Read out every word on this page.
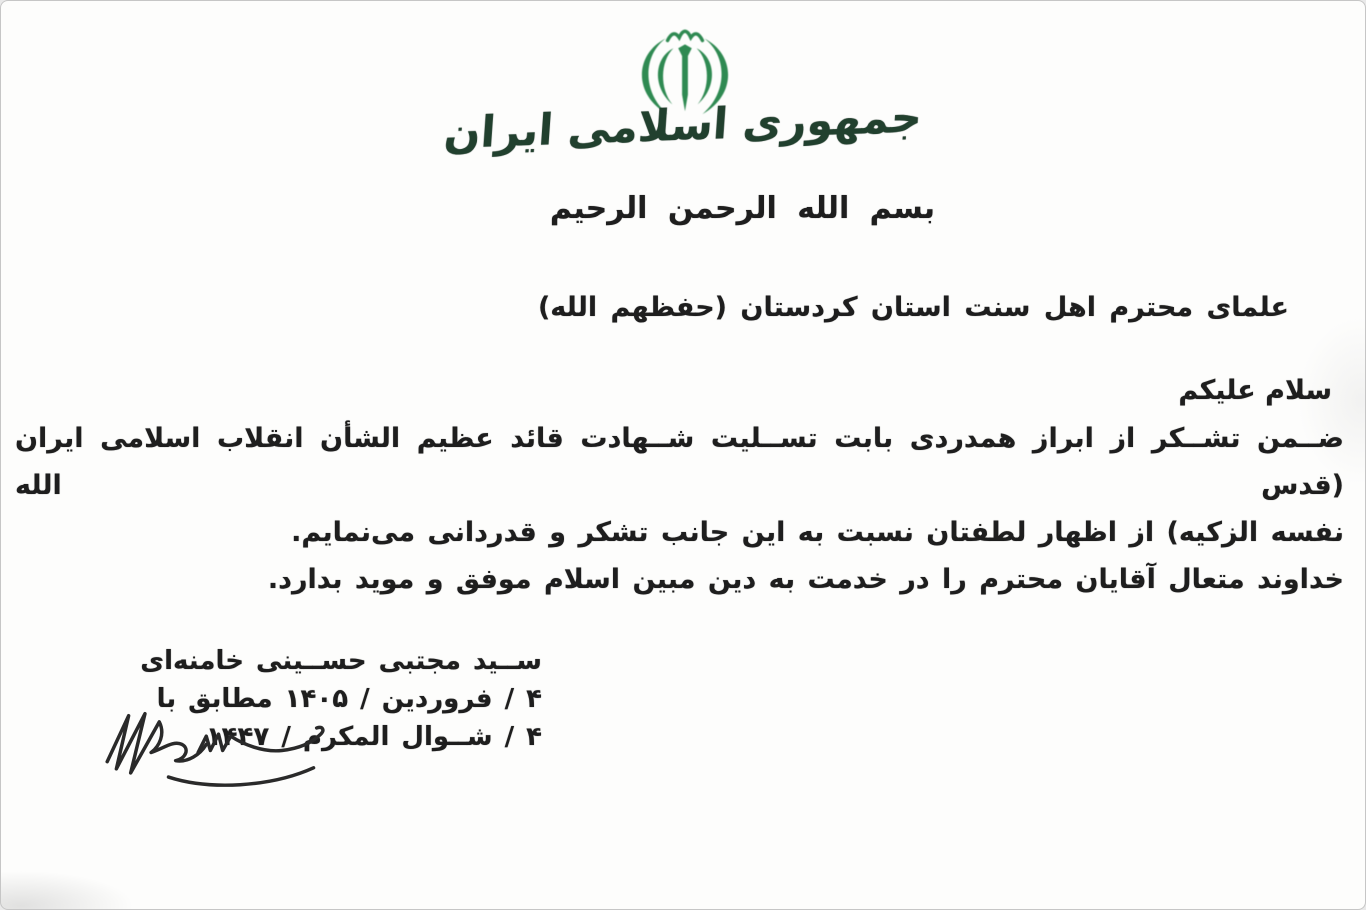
جمهوری اسلامی ایران
بسم الله الرحمن الرحیم
علمای محترم اهل سنت استان کردستان (حفظهم الله)
سلام علیکم
ضــمن تشــکر از ابراز همدردی بابت تســلیت شــهادت قائد عظیم الشأن انقلاب اسلامی ایران (قدس الله
نفسه الزکیه) از اظهار لطفتان نسبت به این جانب تشکر و قدردانی می‌نمایم.
خداوند متعال آقایان محترم را در خدمت به دین مبین اسلام موفق و موید بدارد.
ســید مجتبی حســینی خامنه‌ای
۴ / فروردین / ۱۴۰۵ مطابق با
۴ / شــوال المکرم / ۱۴۴۷
